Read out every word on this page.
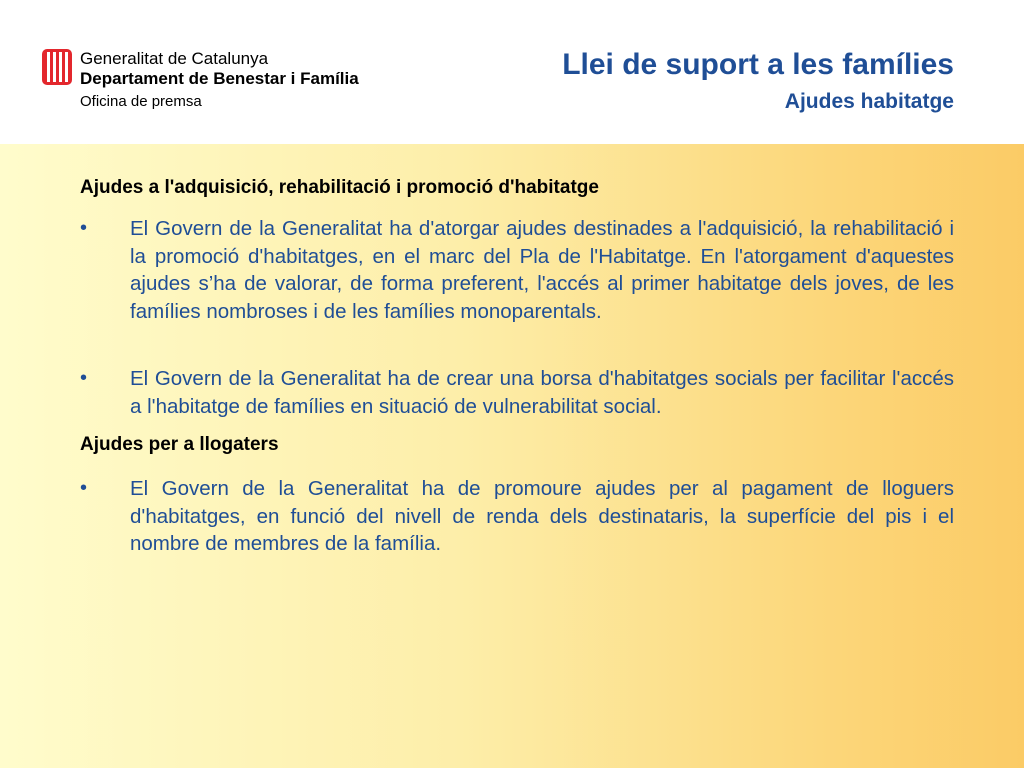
Generalitat de Catalunya
Departament de Benestar i Família
Oficina de premsa
Llei de suport a les famílies
Ajudes habitatge
Ajudes a l'adquisició, rehabilitació i promoció d'habitatge
• El Govern de la Generalitat ha d'atorgar ajudes destinades a l'adquisició, la rehabilitació i la promoció d'habitatges, en el marc del Pla de l'Habitatge. En l'atorgament d'aquestes ajudes s’ha de valorar, de forma preferent, l'accés al primer habitatge dels joves, de les famílies nombroses i de les famílies monoparentals.
• El Govern de la Generalitat ha de crear una borsa d'habitatges socials per facilitar l'accés a l'habitatge de famílies en situació de vulnerabilitat social.
Ajudes per a llogaters
• El Govern de la Generalitat ha de promoure ajudes per al pagament de lloguers d'habitatges, en funció del nivell de renda dels destinataris, la superfície del pis i el nombre de membres de la família.
